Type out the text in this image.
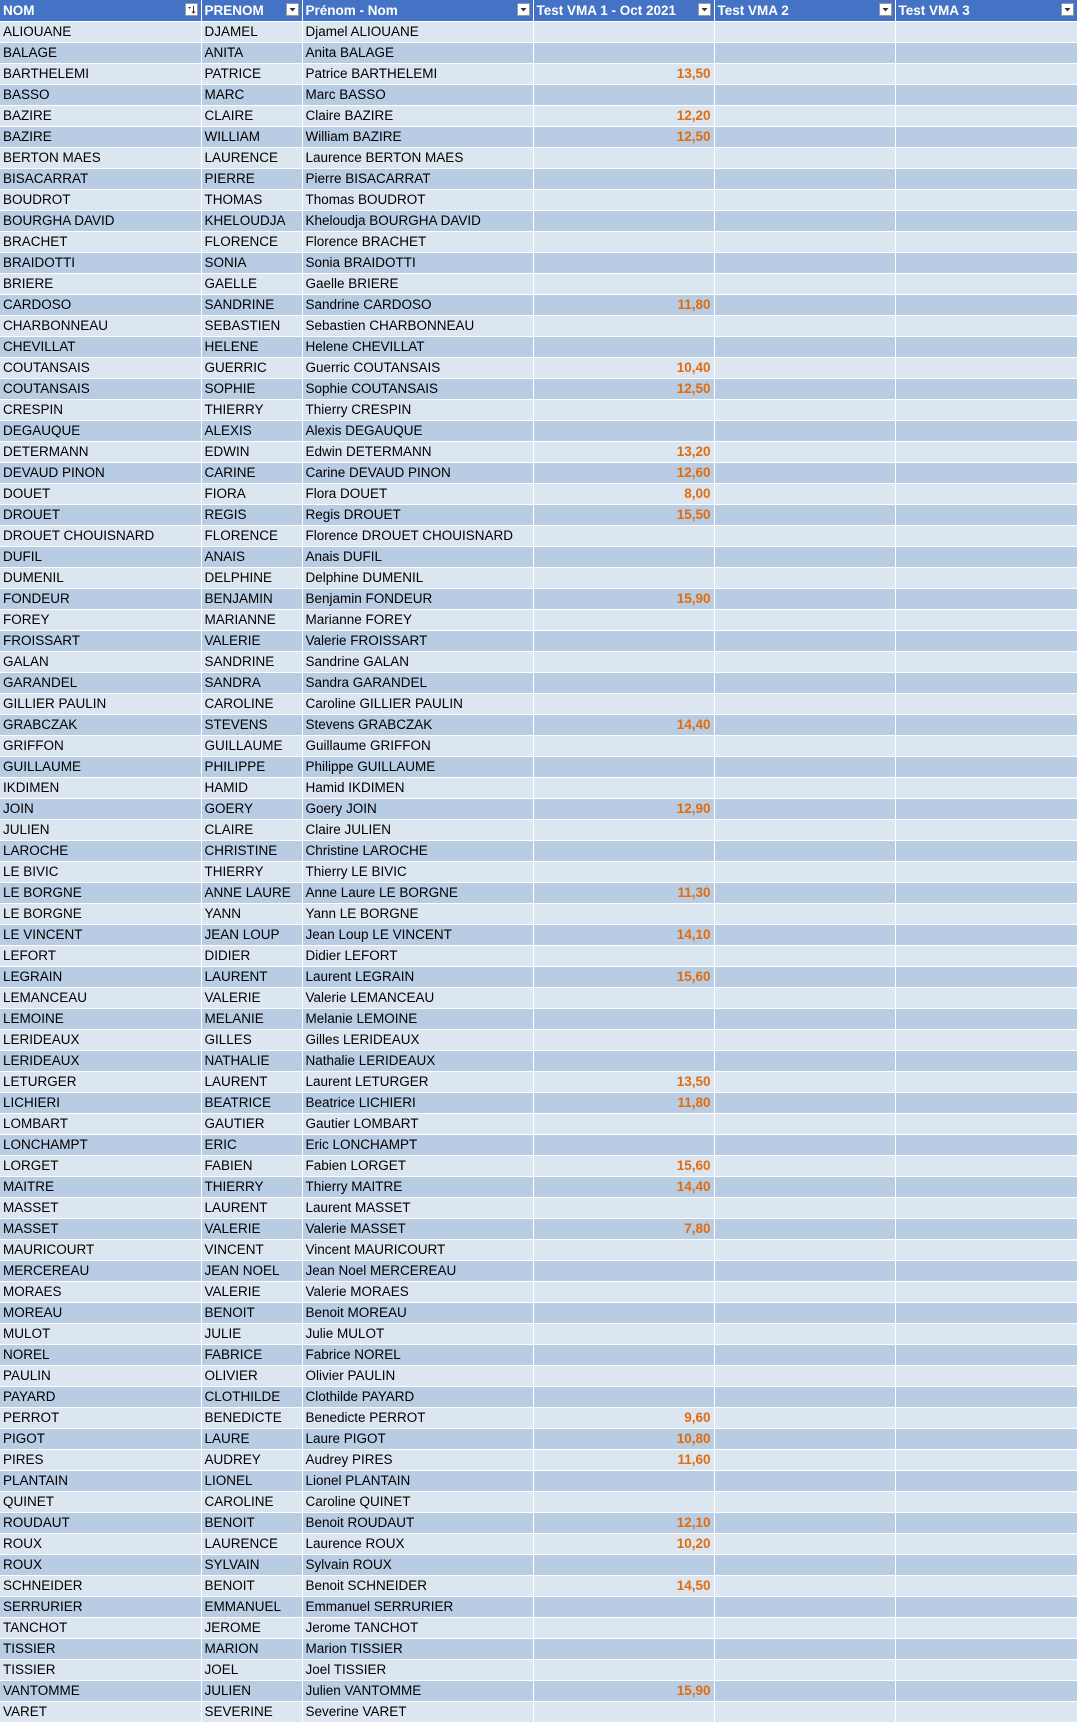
NOM	PRENOM	Prénom - Nom	Test VMA 1 - Oct 2021	Test VMA 2	Test VMA 3

ALIOUANE	DJAMEL	Djamel ALIOUANE			
BALAGE	ANITA	Anita BALAGE			
BARTHELEMI	PATRICE	Patrice BARTHELEMI	13,50		
BASSO	MARC	Marc BASSO			
BAZIRE	CLAIRE	Claire BAZIRE	12,20		
BAZIRE	WILLIAM	William BAZIRE	12,50		
BERTON MAES	LAURENCE	Laurence BERTON MAES			
BISACARRAT	PIERRE	Pierre BISACARRAT			
BOUDROT	THOMAS	Thomas BOUDROT			
BOURGHA DAVID	KHELOUDJA	Kheloudja BOURGHA DAVID			
BRACHET	FLORENCE	Florence BRACHET			
BRAIDOTTI	SONIA	Sonia BRAIDOTTI			
BRIERE	GAELLE	Gaelle BRIERE			
CARDOSO	SANDRINE	Sandrine CARDOSO	11,80		
CHARBONNEAU	SEBASTIEN	Sebastien CHARBONNEAU			
CHEVILLAT	HELENE	Helene CHEVILLAT			
COUTANSAIS	GUERRIC	Guerric COUTANSAIS	10,40		
COUTANSAIS	SOPHIE	Sophie COUTANSAIS	12,50		
CRESPIN	THIERRY	Thierry CRESPIN			
DEGAUQUE	ALEXIS	Alexis DEGAUQUE			
DETERMANN	EDWIN	Edwin DETERMANN	13,20		
DEVAUD PINON	CARINE	Carine DEVAUD PINON	12,60		
DOUET	FIORA	Flora DOUET	8,00		
DROUET	REGIS	Regis DROUET	15,50		
DROUET CHOUISNARD	FLORENCE	Florence DROUET CHOUISNARD			
DUFIL	ANAIS	Anais DUFIL			
DUMENIL	DELPHINE	Delphine DUMENIL			
FONDEUR	BENJAMIN	Benjamin FONDEUR	15,90		
FOREY	MARIANNE	Marianne FOREY			
FROISSART	VALERIE	Valerie FROISSART			
GALAN	SANDRINE	Sandrine GALAN			
GARANDEL	SANDRA	Sandra GARANDEL			
GILLIER PAULIN	CAROLINE	Caroline GILLIER PAULIN			
GRABCZAK	STEVENS	Stevens GRABCZAK	14,40		
GRIFFON	GUILLAUME	Guillaume GRIFFON			
GUILLAUME	PHILIPPE	Philippe GUILLAUME			
IKDIMEN	HAMID	Hamid IKDIMEN			
JOIN	GOERY	Goery JOIN	12,90		
JULIEN	CLAIRE	Claire JULIEN			
LAROCHE	CHRISTINE	Christine LAROCHE			
LE BIVIC	THIERRY	Thierry LE BIVIC			
LE BORGNE	ANNE LAURE	Anne Laure LE BORGNE	11,30		
LE BORGNE	YANN	Yann LE BORGNE			
LE VINCENT	JEAN LOUP	Jean Loup LE VINCENT	14,10		
LEFORT	DIDIER	Didier LEFORT			
LEGRAIN	LAURENT	Laurent LEGRAIN	15,60		
LEMANCEAU	VALERIE	Valerie LEMANCEAU			
LEMOINE	MELANIE	Melanie LEMOINE			
LERIDEAUX	GILLES	Gilles LERIDEAUX			
LERIDEAUX	NATHALIE	Nathalie LERIDEAUX			
LETURGER	LAURENT	Laurent LETURGER	13,50		
LICHIERI	BEATRICE	Beatrice LICHIERI	11,80		
LOMBART	GAUTIER	Gautier LOMBART			
LONCHAMPT	ERIC	Eric LONCHAMPT			
LORGET	FABIEN	Fabien LORGET	15,60		
MAITRE	THIERRY	Thierry MAITRE	14,40		
MASSET	LAURENT	Laurent MASSET			
MASSET	VALERIE	Valerie MASSET	7,80		
MAURICOURT	VINCENT	Vincent MAURICOURT			
MERCEREAU	JEAN NOEL	Jean Noel MERCEREAU			
MORAES	VALERIE	Valerie MORAES			
MOREAU	BENOIT	Benoit MOREAU			
MULOT	JULIE	Julie MULOT			
NOREL	FABRICE	Fabrice NOREL			
PAULIN	OLIVIER	Olivier PAULIN			
PAYARD	CLOTHILDE	Clothilde PAYARD			
PERROT	BENEDICTE	Benedicte PERROT	9,60		
PIGOT	LAURE	Laure PIGOT	10,80		
PIRES	AUDREY	Audrey PIRES	11,60		
PLANTAIN	LIONEL	Lionel PLANTAIN			
QUINET	CAROLINE	Caroline QUINET			
ROUDAUT	BENOIT	Benoit ROUDAUT	12,10		
ROUX	LAURENCE	Laurence ROUX	10,20		
ROUX	SYLVAIN	Sylvain ROUX			
SCHNEIDER	BENOIT	Benoit SCHNEIDER	14,50		
SERRURIER	EMMANUEL	Emmanuel SERRURIER			
TANCHOT	JEROME	Jerome TANCHOT			
TISSIER	MARION	Marion TISSIER			
TISSIER	JOEL	Joel TISSIER			
VANTOMME	JULIEN	Julien VANTOMME	15,90		
VARET	SEVERINE	Severine VARET			
